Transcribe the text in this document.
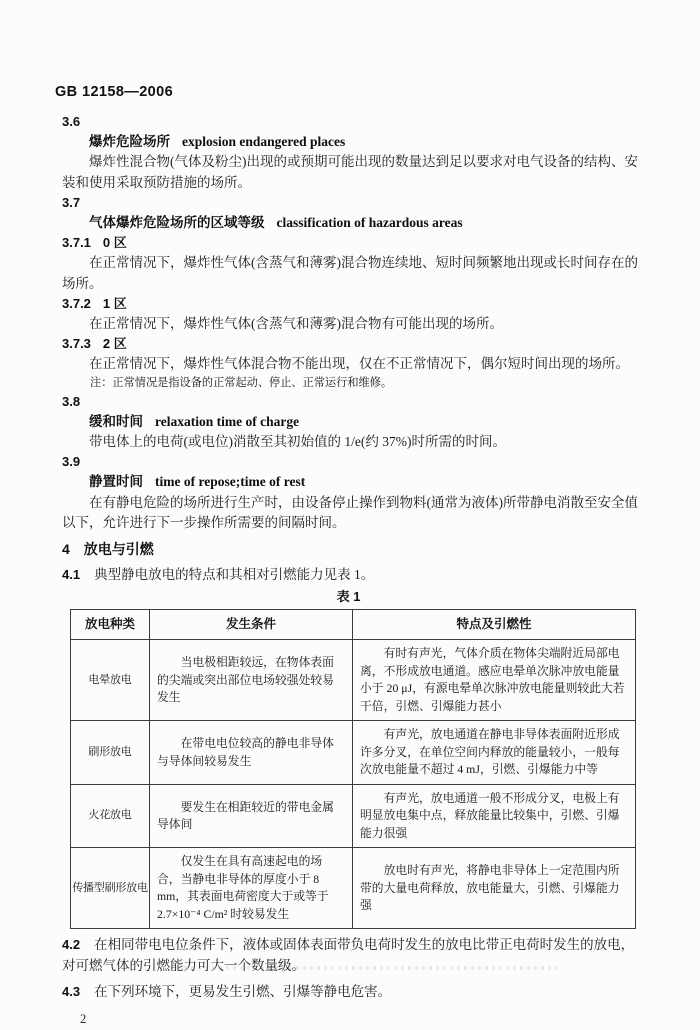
GB 12158—2006

3.6

爆炸危险场所 explosion endangered places

爆炸性混合物(气体及粉尘)出现的或预期可能出现的数量达到足以要求对电气设备的结构、安装和使用采取预防措施的场所。

3.7

气体爆炸危险场所的区域等级 classification of hazardous areas

3.7.1 0 区

在正常情况下，爆炸性气体(含蒸气和薄雾)混合物连续地、短时间频繁地出现或长时间存在的场所。

3.7.2 1 区

在正常情况下，爆炸性气体(含蒸气和薄雾)混合物有可能出现的场所。

3.7.3 2 区

在正常情况下，爆炸性气体混合物不能出现，仅在不正常情况下，偶尔短时间出现的场所。

注：正常情况是指设备的正常起动、停止、正常运行和维修。

3.8

缓和时间 relaxation time of charge

带电体上的电荷(或电位)消散至其初始值的 1/e(约 37%)时所需的时间。

3.9

静置时间 time of repose;time of rest

在有静电危险的场所进行生产时，由设备停止操作到物料(通常为液体)所带静电消散至安全值以下，允许进行下一步操作所需要的间隔时间。

4 放电与引燃

4.1 典型静电放电的特点和其相对引燃能力见表 1。

表 1

放电种类	发生条件	特点及引燃性
电晕放电	当电极相距较远，在物体表面的尖端或突出部位电场较强处较易发生	有时有声光，气体介质在物体尖端附近局部电离，不形成放电通道。感应电晕单次脉冲放电能量小于 20 μJ，有源电晕单次脉冲放电能量则较此大若干倍，引燃、引爆能力甚小

刷形放电	在带电电位较高的静电非导体与导体间较易发生	有声光，放电通道在静电非导体表面附近形成许多分叉，在单位空间内释放的能量较小，一般每次放电能量不超过 4 mJ，引燃、引爆能力中等

火花放电	要发生在相距较近的带电金属导体间	有声光，放电通道一般不形成分叉，电极上有明显放电集中点，释放能量比较集中，引燃、引爆能力很强

传播型刷形放电	仅发生在具有高速起电的场合，当静电非导体的厚度小于 8 mm，其表面电荷密度大于或等于 2.7×10⁻⁴ C/m² 时较易发生	放电时有声光，将静电非导体上一定范围内所带的大量电荷释放，放电能量大，引燃、引爆能力强

4.2 在相同带电电位条件下，液体或固体表面带负电荷时发生的放电比带正电荷时发生的放电，对可燃气体的引燃能力可大一个数量级。

4.3 在下列环境下，更易发生引燃、引爆等静电危害。

2
